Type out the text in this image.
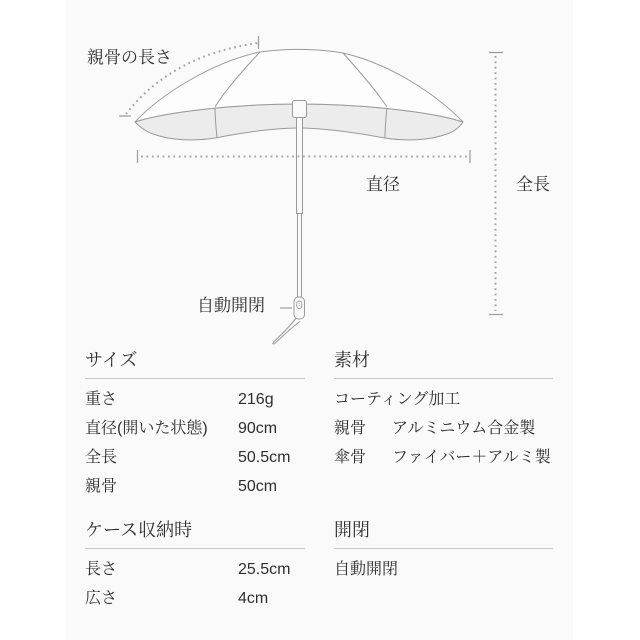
親骨の長さ
直径	全長
自動開閉
サイズ
重さ	216g
直径(開いた状態) 90cm
全長	50.5cm
親骨	50cm
素材
コーティング加工
親骨 アルミニウム合金製
傘骨 ファイバー＋アルミ製
ケース収納時
長さ	25.5cm
広さ	4cm
開閉
自動開閉
